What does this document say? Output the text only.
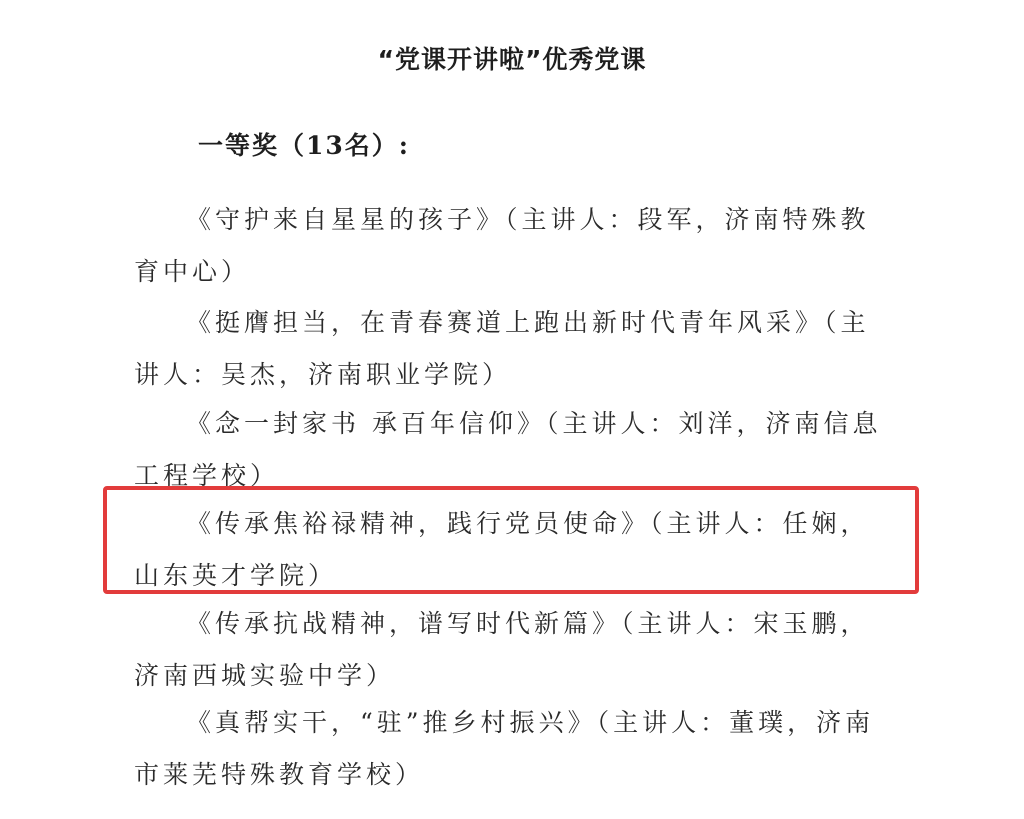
“党课开讲啦”优秀党课
一等奖（13名）:

《守护来自星星的孩子》（主讲人：段军，济南特殊教育中心）

《挺膺担当，在青春赛道上跑出新时代青年风采》（主讲人：吴杰，济南职业学院）

《念一封家书 承百年信仰》（主讲人：刘洋，济南信息工程学校）

《传承焦裕禄精神，践行党员使命》（主讲人：任娴，山东英才学院）

《传承抗战精神，谱写时代新篇》（主讲人：宋玉鹏，济南西城实验中学）

《真帮实干，“驻”推乡村振兴》（主讲人：董璞，济南市莱芜特殊教育学校）
